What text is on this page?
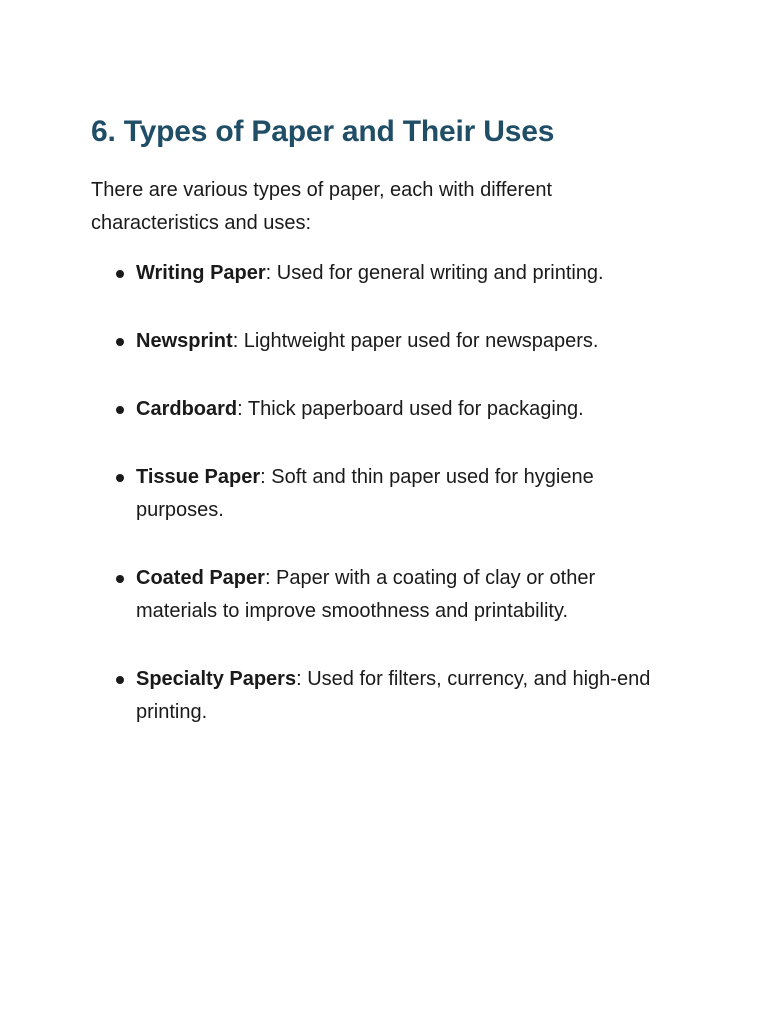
6. Types of Paper and Their Uses

There are various types of paper, each with different characteristics and uses:

Writing Paper: Used for general writing and printing.
Newsprint: Lightweight paper used for newspapers.
Cardboard: Thick paperboard used for packaging.
Tissue Paper: Soft and thin paper used for hygiene purposes.
Coated Paper: Paper with a coating of clay or other materials to improve smoothness and printability.
Specialty Papers: Used for filters, currency, and high-end printing.
